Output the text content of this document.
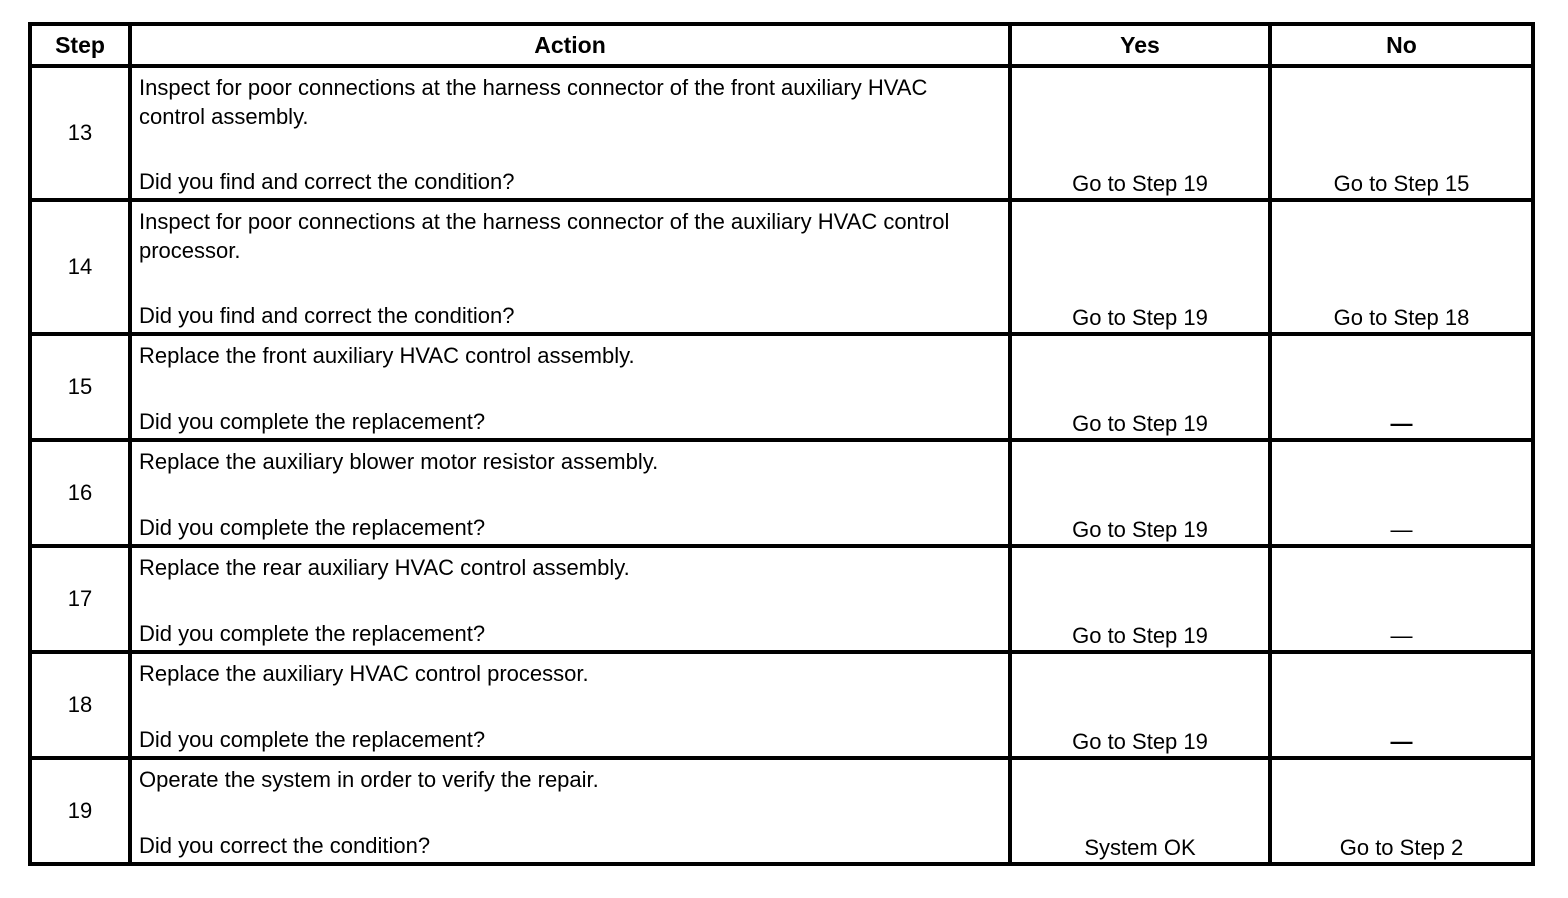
Step	Action	Yes	No
13	Inspect for poor connections at the harness connector of the front auxiliary HVAC control assembly.
Did you find and correct the condition?	Go to Step 19	Go to Step 15
14	Inspect for poor connections at the harness connector of the auxiliary HVAC control processor.
Did you find and correct the condition?	Go to Step 19	Go to Step 18
15	Replace the front auxiliary HVAC control assembly.
Did you complete the replacement?	Go to Step 19	—
16	Replace the auxiliary blower motor resistor assembly.
Did you complete the replacement?	Go to Step 19	—
17	Replace the rear auxiliary HVAC control assembly.
Did you complete the replacement?	Go to Step 19	—
18	Replace the auxiliary HVAC control processor.
Did you complete the replacement?	Go to Step 19	—
19	Operate the system in order to verify the repair.
Did you correct the condition?	System OK	Go to Step 2
